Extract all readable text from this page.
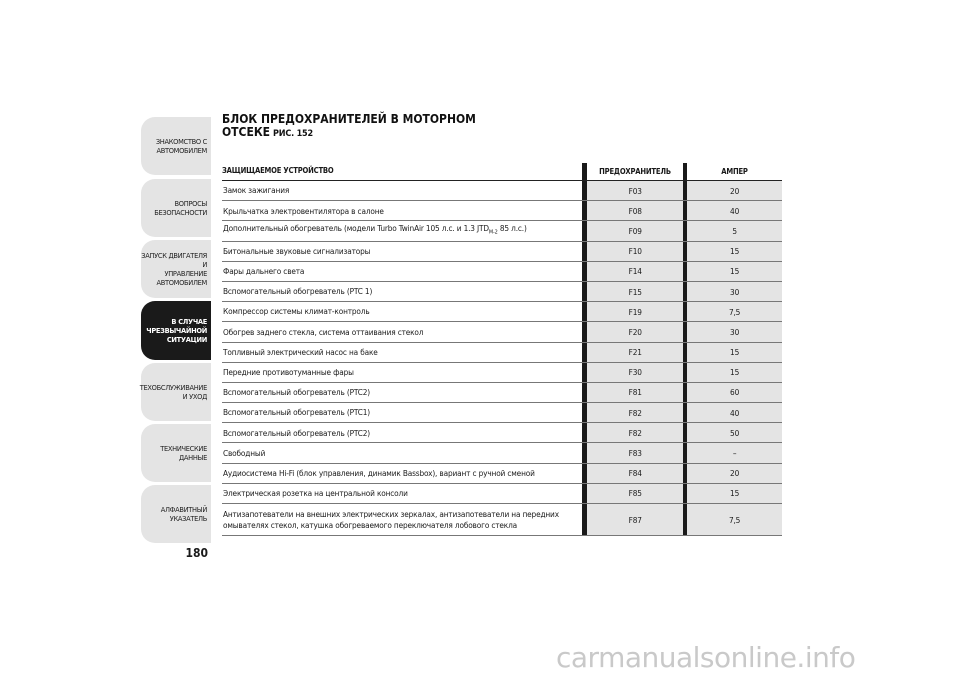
ЗНАКОМСТВО С
АВТОМОБИЛЕМ
ВОПРОСЫ
БЕЗОПАСНОСТИ
ЗАПУСК ДВИГАТЕЛЯ И
УПРАВЛЕНИЕ
АВТОМОБИЛЕМ
В СЛУЧАЕ
ЧРЕЗВЫЧАЙНОЙ
СИТУАЦИИ
ТЕХОБСЛУЖИВАНИЕ
И УХОД
ТЕХНИЧЕСКИЕ
ДАННЫЕ
АЛФАВИТНЫЙ
УКАЗАТЕЛЬ
180
БЛОК ПРЕДОХРАНИТЕЛЕЙ В МОТОРНОМ
ОТСЕКЕ РИС. 152
ЗАЩИЩАЕМОЕ УСТРОЙСТВО	ПРЕДОХРАНИТЕЛЬ	АМПЕР
Замок зажигания	F03	20
Крыльчатка электровентилятора в салоне	F08	40
Дополнительный обогреватель (модели Turbo TwinAir 105 л.с. и 1.3 $JTD_{M-2}$ 85 л.с.)	F09	5
Битональные звуковые сигнализаторы	F10	15
Фары дальнего света	F14	15
Вспомогательный обогреватель (PTC 1)	F15	30
Компрессор системы климат-контроль	F19	7,5
Обогрев заднего стекла, система оттаивания стекол	F20	30
Топливный электрический насос на баке	F21	15
Передние противотуманные фары	F30	15
Вспомогательный обогреватель (PTC2)	F81	60
Вспомогательный обогреватель (PTC1)	F82	40
Вспомогательный обогреватель (PTC2)	F82	50
Свободный	F83	–
Аудиосистема Hi-Fi (блок управления, динамик Bassbox), вариант с ручной сменой	F84	20
Электрическая розетка на центральной консоли	F85	15
Антизапотеватели на внешних электрических зеркалах, антизапотеватели на передних
омывателях стекол, катушка обогреваемого переключателя лобового стекла	F87	7,5
carmanualsonline.info
